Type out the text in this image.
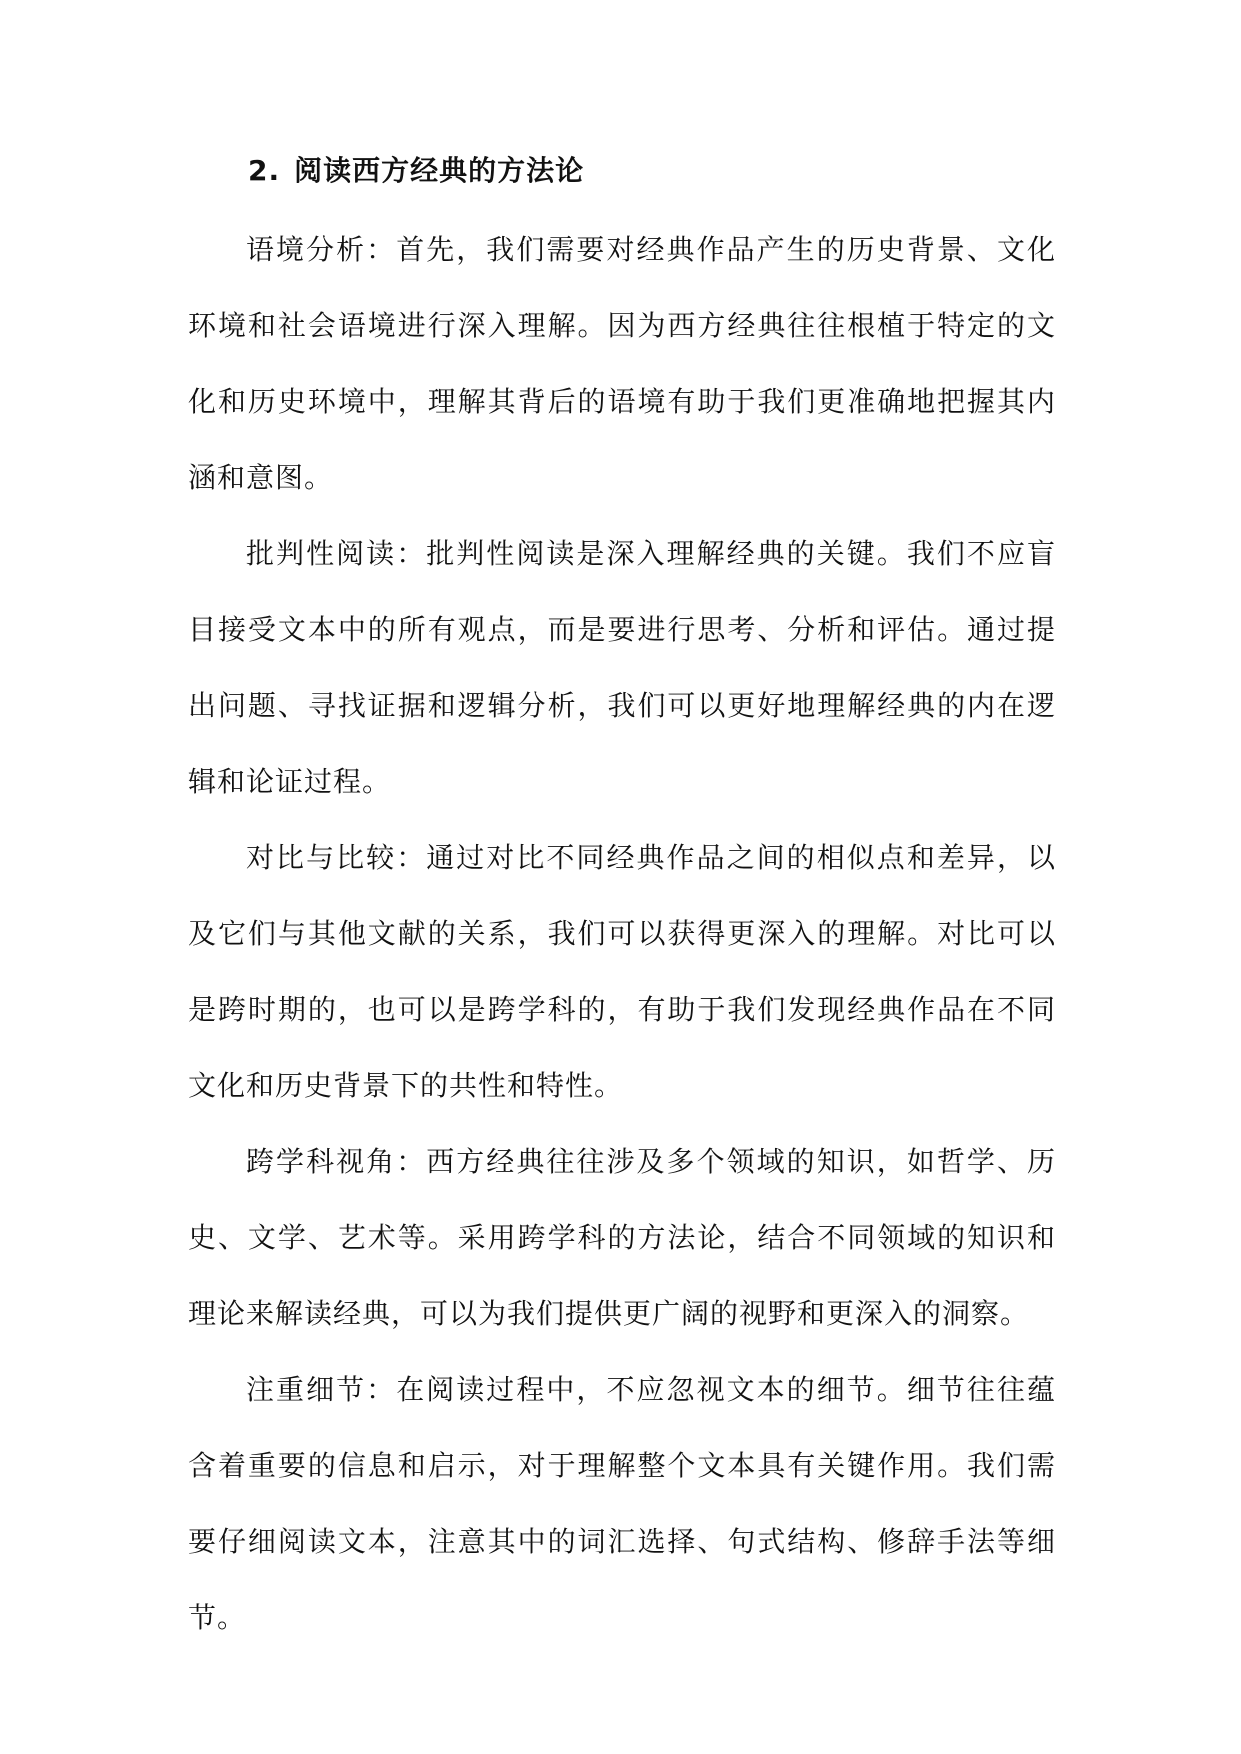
2. 阅读西方经典的方法论

语境分析：首先，我们需要对经典作品产生的历史背景、文化环境和社会语境进行深入理解。因为西方经典往往根植于特定的文化和历史环境中，理解其背后的语境有助于我们更准确地把握其内涵和意图。

批判性阅读：批判性阅读是深入理解经典的关键。我们不应盲目接受文本中的所有观点，而是要进行思考、分析和评估。通过提出问题、寻找证据和逻辑分析，我们可以更好地理解经典的内在逻辑和论证过程。

对比与比较：通过对比不同经典作品之间的相似点和差异，以及它们与其他文献的关系，我们可以获得更深入的理解。对比可以是跨时期的，也可以是跨学科的，有助于我们发现经典作品在不同文化和历史背景下的共性和特性。

跨学科视角：西方经典往往涉及多个领域的知识，如哲学、历史、文学、艺术等。采用跨学科的方法论，结合不同领域的知识和理论来解读经典，可以为我们提供更广阔的视野和更深入的洞察。

注重细节：在阅读过程中，不应忽视文本的细节。细节往往蕴含着重要的信息和启示，对于理解整个文本具有关键作用。我们需要仔细阅读文本，注意其中的词汇选择、句式结构、修辞手法等细节。
